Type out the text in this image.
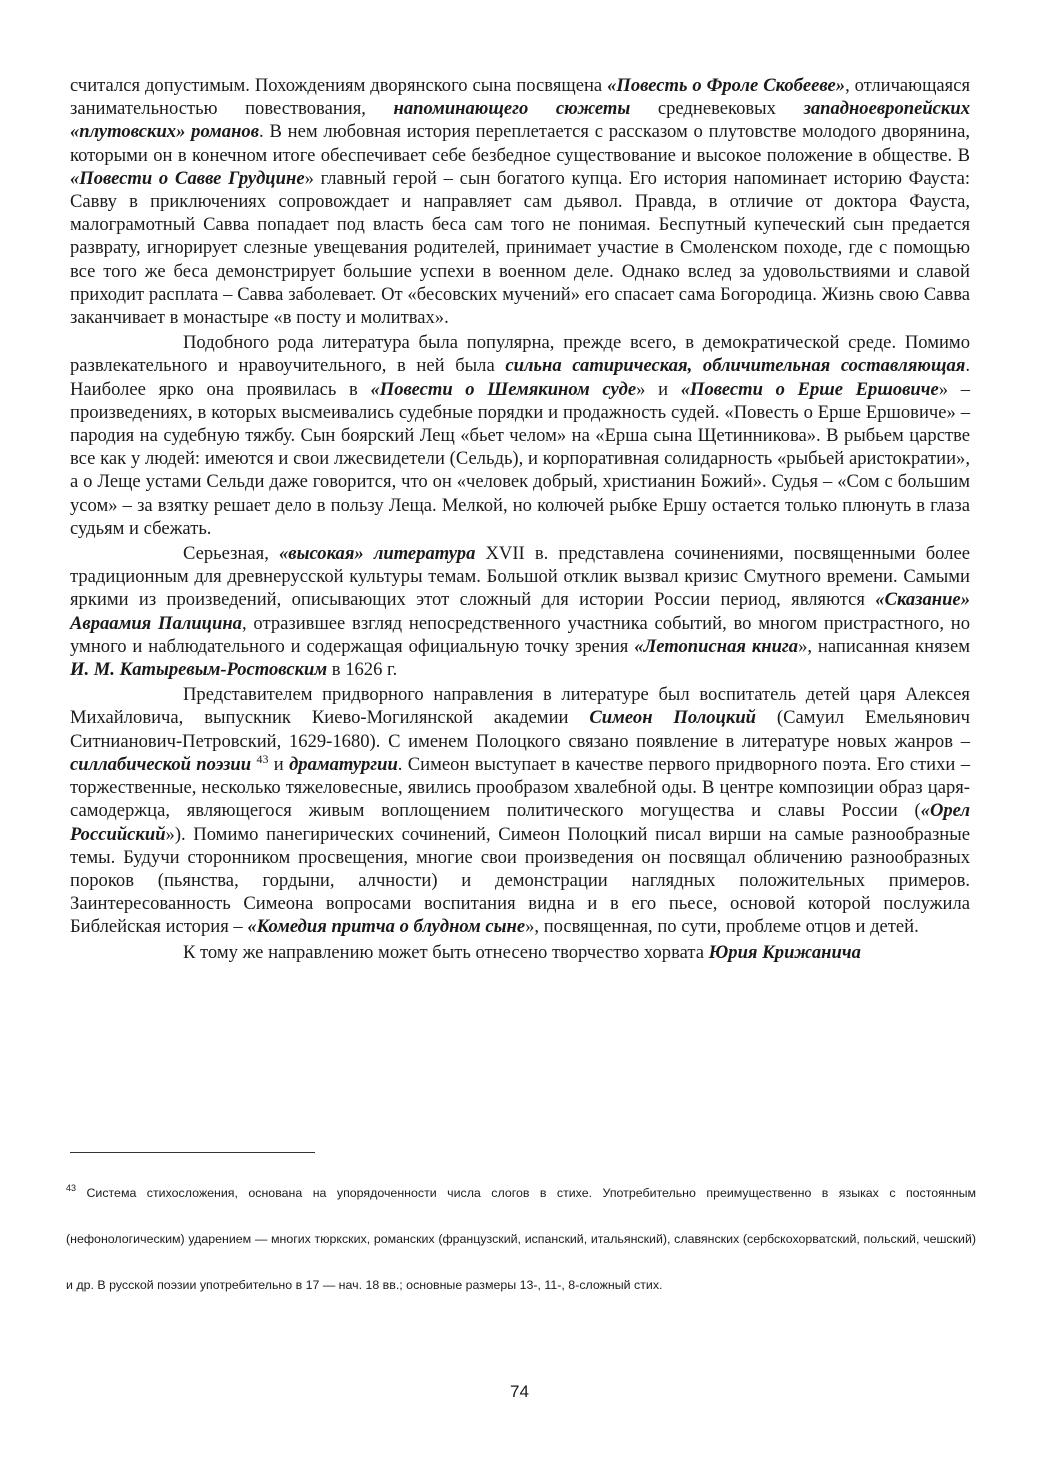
считался допустимым. Похождениям дворянского сына посвящена «Повесть о Фроле Скобееве», отличающаяся занимательностью повествования, напоминающего сюжеты средневековых западноевропейских «плутовских» романов. В нем любовная история переплетается с рассказом о плутовстве молодого дворянина, которыми он в конечном итоге обеспечивает себе безбедное существование и высокое положение в обществе. В «Повести о Савве Грудцине» главный герой – сын богатого купца. Его история напоминает историю Фауста: Савву в приключениях сопровождает и направляет сам дьявол. Правда, в отличие от доктора Фауста, малограмотный Савва попадает под власть беса сам того не понимая. Беспутный купеческий сын предается разврату, игнорирует слезные увещевания родителей, принимает участие в Смоленском походе, где с помощью все того же беса демонстрирует большие успехи в военном деле. Однако вслед за удовольствиями и славой приходит расплата – Савва заболевает. От «бесовских мучений» его спасает сама Богородица. Жизнь свою Савва заканчивает в монастыре «в посту и молитвах».

Подобного рода литература была популярна, прежде всего, в демократической среде. Помимо развлекательного и нравоучительного, в ней была сильна сатирическая, обличительная составляющая. Наиболее ярко она проявилась в «Повести о Шемякином суде» и «Повести о Ерше Ершовиче» – произведениях, в которых высмеивались судебные порядки и продажность судей. «Повесть о Ерше Ершовиче» – пародия на судебную тяжбу. Сын боярский Лещ «бьет челом» на «Ерша сына Щетинникова». В рыбьем царстве все как у людей: имеются и свои лжесвидетели (Сельдь), и корпоративная солидарность «рыбьей аристократии», а о Леще устами Сельди даже говорится, что он «человек добрый, христианин Божий». Судья – «Сом с большим усом» – за взятку решает дело в пользу Леща. Мелкой, но колючей рыбке Ершу остается только плюнуть в глаза судьям и сбежать.

Серьезная, «высокая» литература XVII в. представлена сочинениями, посвященными более традиционным для древнерусской культуры темам. Большой отклик вызвал кризис Смутного времени. Самыми яркими из произведений, описывающих этот сложный для истории России период, являются «Сказание» Авраамия Палицина, отразившее взгляд непосредственного участника событий, во многом пристрастного, но умного и наблюдательного и содержащая официальную точку зрения «Летописная книга», написанная князем И. М. Катыревым-Ростовским в 1626 г.

Представителем придворного направления в литературе был воспитатель детей царя Алексея Михайловича, выпускник Киево-Могилянской академии Симеон Полоцкий (Самуил Емельянович Ситнианович-Петровский, 1629-1680). С именем Полоцкого связано появление в литературе новых жанров – силлабической поэзии $^{43}$ и драматургии. Симеон выступает в качестве первого придворного поэта. Его стихи – торжественные, несколько тяжеловесные, явились прообразом хвалебной оды. В центре композиции образ царя-самодержца, являющегося живым воплощением политического могущества и славы России («Орел Российский»). Помимо панегирических сочинений, Симеон Полоцкий писал вирши на самые разнообразные темы. Будучи сторонником просвещения, многие свои произведения он посвящал обличению разнообразных пороков (пьянства, гордыни, алчности) и демонстрации наглядных положительных примеров. Заинтересованность Симеона вопросами воспитания видна и в его пьесе, основой которой послужила Библейская история – «Комедия притча о блудном сыне», посвященная, по сути, проблеме отцов и детей.

К тому же направлению может быть отнесено творчество хорвата Юрия Крижанича

$^{43}$ Система стихосложения, основана на упорядоченности числа слогов в стихе. Употребительно преимущественно в языках с постоянным (нефонологическим) ударением — многих тюркских, романских (французский, испанский, итальянский), славянских (сербскохорватский, польский, чешский) и др. В русской поэзии употребительно в 17 — нач. 18 вв.; основные размеры 13-, 11-, 8-сложный стих.
74
